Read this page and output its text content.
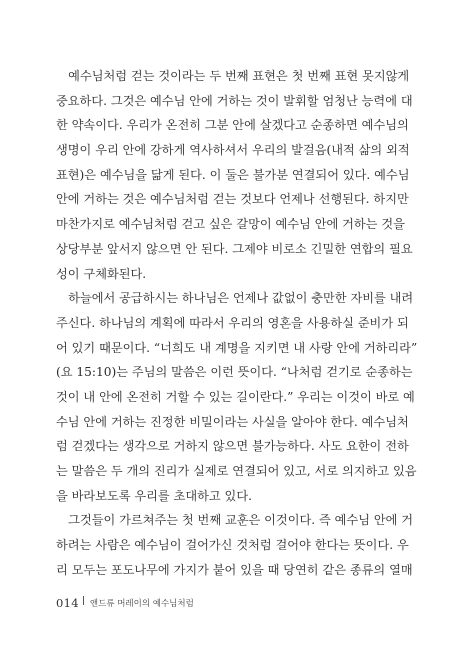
　예수님처럼 걷는 것이라는 두 번째 표현은 첫 번째 표현 못지않게
중요하다. 그것은 예수님 안에 거하는 것이 발휘할 엄청난 능력에 대
한 약속이다. 우리가 온전히 그분 안에 살겠다고 순종하면 예수님의
생명이 우리 안에 강하게 역사하셔서 우리의 발걸음(내적 삶의 외적
표현)은 예수님을 닮게 된다. 이 둘은 불가분 연결되어 있다. 예수님
안에 거하는 것은 예수님처럼 걷는 것보다 언제나 선행된다. 하지만
마찬가지로 예수님처럼 걷고 싶은 갈망이 예수님 안에 거하는 것을
상당부분 앞서지 않으면 안 된다. 그제야 비로소 긴밀한 연합의 필요
성이 구체화된다.
　하늘에서 공급하시는 하나님은 언제나 값없이 충만한 자비를 내려
주신다. 하나님의 계획에 따라서 우리의 영혼을 사용하실 준비가 되
어 있기 때문이다. “너희도 내 계명을 지키면 내 사랑 안에 거하리라”
(요 15:10)는 주님의 말씀은 이런 뜻이다. “나처럼 걷기로 순종하는
것이 내 안에 온전히 거할 수 있는 길이란다.” 우리는 이것이 바로 예
수님 안에 거하는 진정한 비밀이라는 사실을 알아야 한다. 예수님처
럼 걷겠다는 생각으로 거하지 않으면 불가능하다. 사도 요한이 전하
는 말씀은 두 개의 진리가 실제로 연결되어 있고, 서로 의지하고 있음
을 바라보도록 우리를 초대하고 있다.
　그것들이 가르쳐주는 첫 번째 교훈은 이것이다. 즉 예수님 안에 거
하려는 사람은 예수님이 걸어가신 것처럼 걸어야 한다는 뜻이다. 우
리 모두는 포도나무에 가지가 붙어 있을 때 당연히 같은 종류의 열매
014 앤드류 머레이의 예수님처럼
